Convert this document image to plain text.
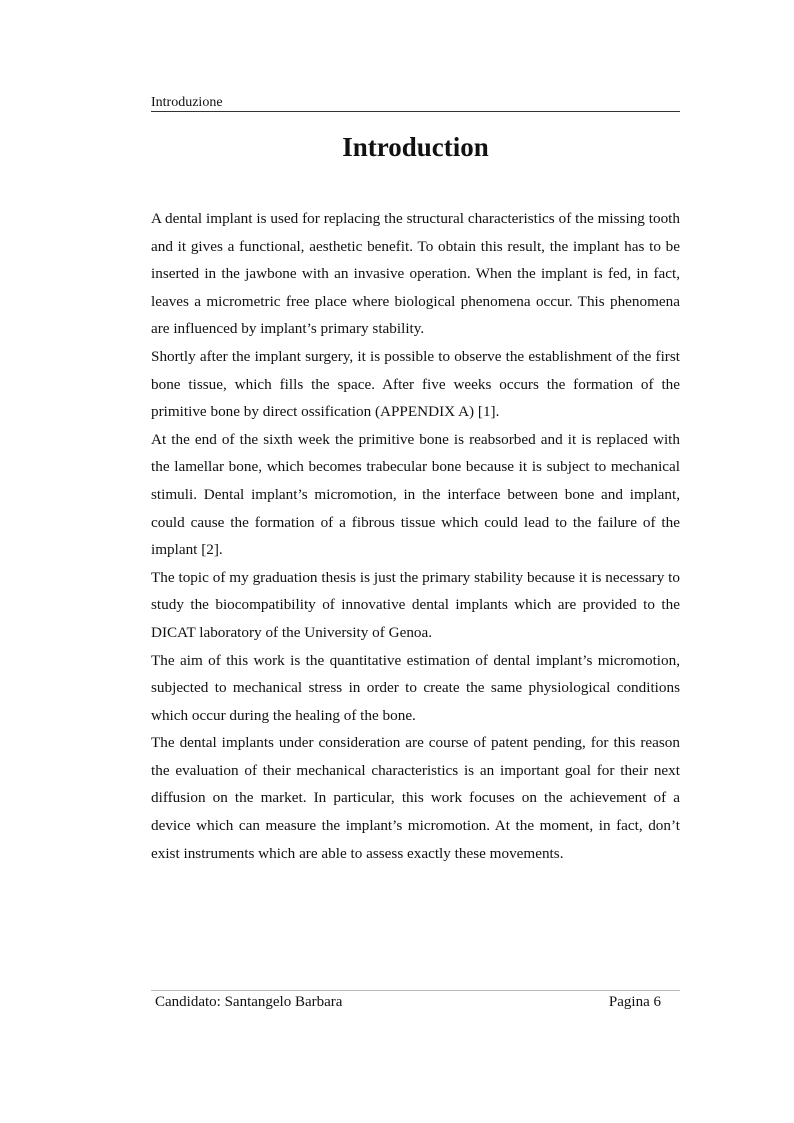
Introduzione
Introduction

A dental implant is used for replacing the structural characteristics of the missing tooth and it gives a functional, aesthetic benefit. To obtain this result, the implant has to be inserted in the jawbone with an invasive operation. When the implant is fed, in fact, leaves a micrometric free place where biological phenomena occur. This phenomena are influenced by implant’s primary stability.

Shortly after the implant surgery, it is possible to observe the establishment of the first bone tissue, which fills the space. After five weeks occurs the formation of the primitive bone by direct ossification (APPENDIX A) [1].

At the end of the sixth week the primitive bone is reabsorbed and it is replaced with the lamellar bone, which becomes trabecular bone because it is subject to mechanical stimuli. Dental implant’s micromotion, in the interface between bone and implant, could cause the formation of a fibrous tissue which could lead to the failure of the implant [2].

The topic of my graduation thesis is just the primary stability because it is necessary to study the biocompatibility of innovative dental implants which are provided to the DICAT laboratory of the University of Genoa.

The aim of this work is the quantitative estimation of dental implant’s micromotion, subjected to mechanical stress in order to create the same physiological conditions which occur during the healing of the bone.

The dental implants under consideration are course of patent pending, for this reason the evaluation of their mechanical characteristics is an important goal for their next diffusion on the market. In particular, this work focuses on the achievement of a device which can measure the implant’s micromotion. At the moment, in fact, don’t exist instruments which are able to assess exactly these movements.

Candidato: Santangelo Barbara	Pagina 6
